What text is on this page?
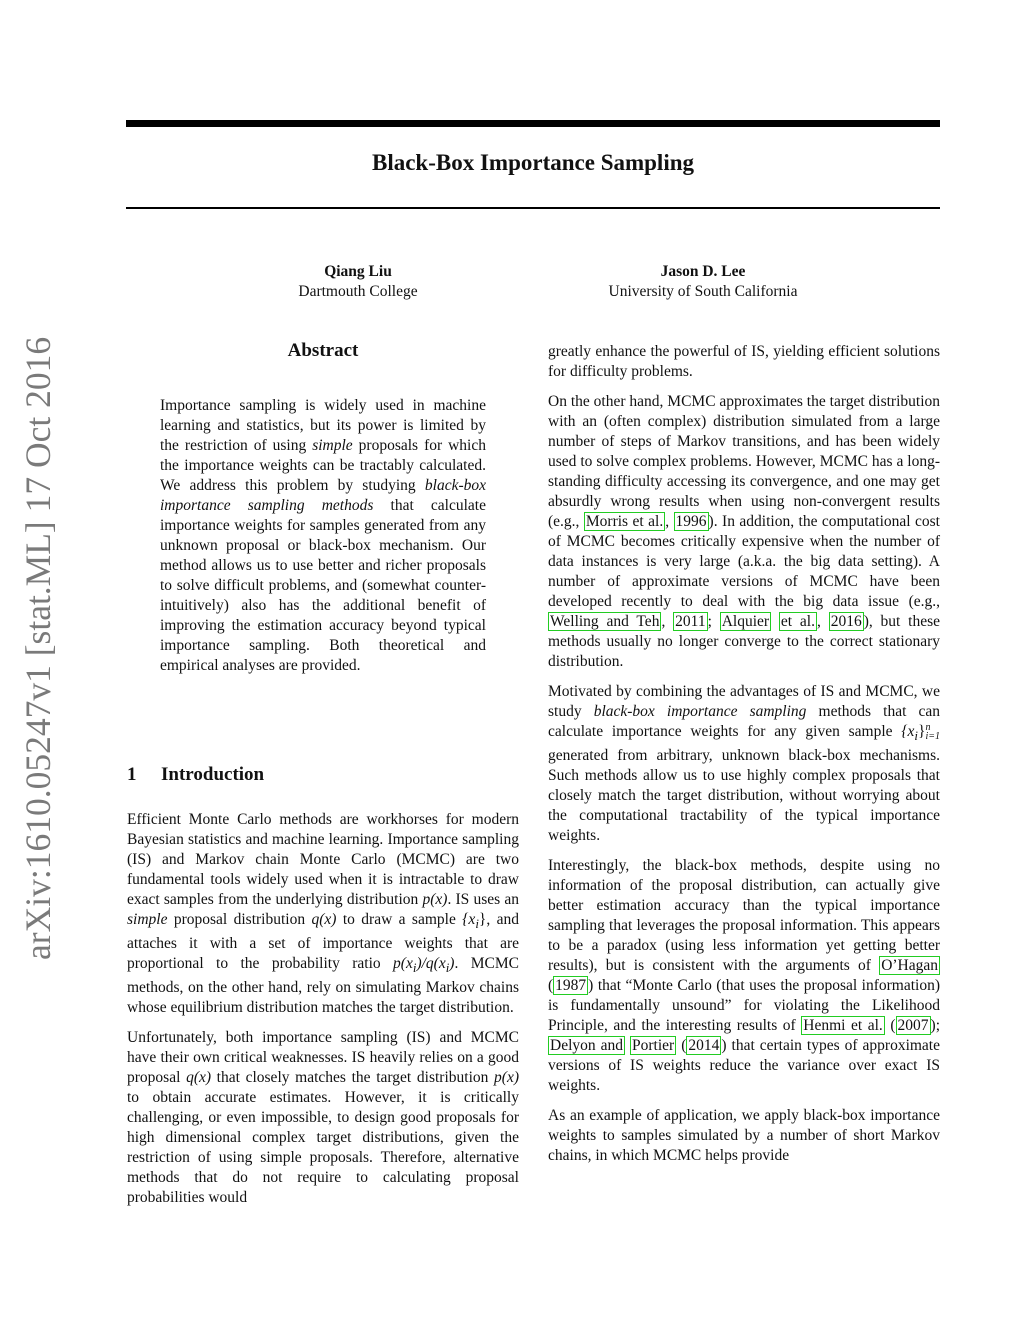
Black-Box Importance Sampling
Qiang Liu
Dartmouth College
Jason D. Lee
University of South California
arXiv:1610.05247v1 [stat.ML] 17 Oct 2016	Abstract
Importance sampling is widely used in machine learning and statistics, but its power is limited by the restriction of using simple proposals for which the importance weights can be tractably calculated. We address this problem by studying black-box importance sampling methods that calculate importance weights for samples generated from any unknown proposal or black-box mechanism. Our method allows us to use better and richer proposals to solve difficult problems, and (somewhat counter-intuitively) also has the additional benefit of improving the estimation accuracy beyond typical importance sampling. Both theoretical and empirical analyses are provided.
1 Introduction

Efficient Monte Carlo methods are workhorses for modern Bayesian statistics and machine learning. Importance sampling (IS) and Markov chain Monte Carlo (MCMC) are two fundamental tools widely used when it is intractable to draw exact samples from the underlying distribution p(x). IS uses an simple proposal distribution q(x) to draw a sample $\{x_i\}$, and attaches it with a set of importance weights that are proportional to the probability ratio $p(x_i)/q(x_i)$. MCMC methods, on the other hand, rely on simulating Markov chains whose equilibrium distribution matches the target distribution.

Unfortunately, both importance sampling (IS) and MCMC have their own critical weaknesses. IS heavily relies on a good proposal q(x) that closely matches the target distribution p(x) to obtain accurate estimates. However, it is critically challenging, or even impossible, to design good proposals for high dimensional complex target distributions, given the restriction of using simple proposals. Therefore, alternative methods that do not require to calculating proposal probabilities would

greatly enhance the powerful of IS, yielding efficient solutions for difficulty problems.

On the other hand, MCMC approximates the target distribution with an (often complex) distribution simulated from a large number of steps of Markov transitions, and has been widely used to solve complex problems. However, MCMC has a long-standing difficulty accessing its convergence, and one may get absurdly wrong results when using non-convergent results (e.g., Morris et al. , 1996 ). In addition, the computational cost of MCMC becomes critically expensive when the number of data instances is very large (a.k.a. the big data setting). A number of approximate versions of MCMC have been developed recently to deal with the big data issue (e.g., Welling and Teh , 2011 ; Alquier et al. , 2016 ), but these methods usually no longer converge to the correct stationary distribution.

Motivated by combining the advantages of IS and MCMC, we study black-box importance sampling methods that can calculate importance weights for any given sample $\{x_i\}n$
i=1 generated from arbitrary, unknown black-box mechanisms. Such methods allow us to use highly complex proposals that closely match the target distribution, without worrying about the computational tractability of the typical importance weights.

Interestingly, the black-box methods, despite using no information of the proposal distribution, can actually give better estimation accuracy than the typical importance sampling that leverages the proposal information. This appears to be a paradox (using less information yet getting better results), but is consistent with the arguments of O’Hagan ( 1987 ) that “Monte Carlo (that uses the proposal information) is fundamentally unsound” for violating the Likelihood Principle, and the interesting results of Henmi et al. ( 2007 ); Delyon and Portier ( 2014 ) that certain types of approximate versions of IS weights reduce the variance over exact IS weights.

As an example of application, we apply black-box importance weights to samples simulated by a number of short Markov chains, in which MCMC helps provide
